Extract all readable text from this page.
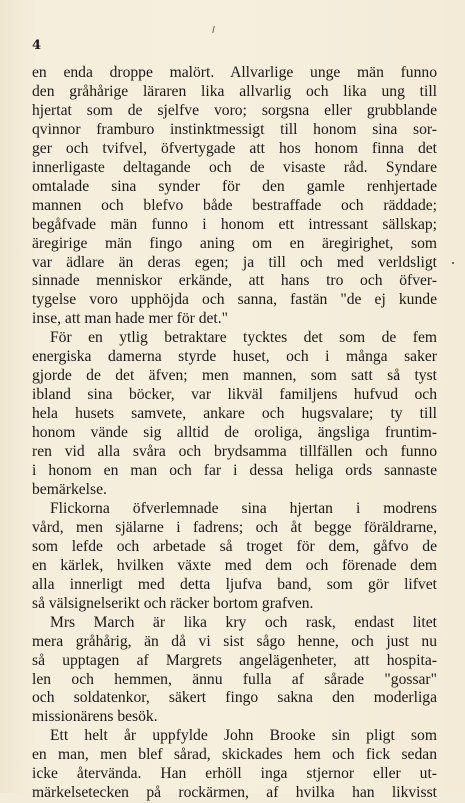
4
en enda droppe malört. Allvarlige unge män funno
den gråhårige läraren lika allvarlig och lika ung till
hjertat som de sjelfve voro; sorgsna eller grubblande
qvinnor framburo instinktmessigt till honom sina sor-
ger och tvifvel, öfvertygade att hos honom finna det
innerligaste deltagande och de visaste råd. Syndare
omtalade sina synder för den gamle renhjertade
mannen och blefvo både bestraffade och räddade;
begåfvade män funno i honom ett intressant sällskap;
äregirige män fingo aning om en äregirighet, som
var ädlare än deras egen; ja till och med verldsligt
sinnade menniskor erkände, att hans tro och öfver-
tygelse voro upphöjda och sanna, fastän "de ej kunde
inse, att man hade mer för det."
För en ytlig betraktare tycktes det som de fem
energiska damerna styrde huset, och i många saker
gjorde de det äfven; men mannen, som satt så tyst
ibland sina böcker, var likväl familjens hufvud och
hela husets samvete, ankare och hugsvalare; ty till
honom vände sig alltid de oroliga, ängsliga fruntim-
ren vid alla svåra och brydsamma tillfällen och funno
i honom en man och far i dessa heliga ords sannaste
bemärkelse.
Flickorna öfverlemnade sina hjertan i modrens
vård, men själarne i fadrens; och åt begge föräldrarne,
som lefde och arbetade så troget för dem, gåfvo de
en kärlek, hvilken växte med dem och förenade dem
alla innerligt med detta ljufva band, som gör lifvet
så välsignelserikt och räcker bortom grafven.
Mrs March är lika kry och rask, endast litet
mera gråhårig, än då vi sist sågo henne, och just nu
så upptagen af Margrets angelägenheter, att hospita-
len och hemmen, ännu fulla af sårade "gossar"
och soldatenkor, säkert fingo sakna den moderliga
missionärens besök.
Ett helt år uppfylde John Brooke sin pligt som
en man, men blef sårad, skickades hem och fick sedan
icke återvända. Han erhöll inga stjernor eller ut-
märkelsetecken på rockärmen, af hvilka han likvisst
